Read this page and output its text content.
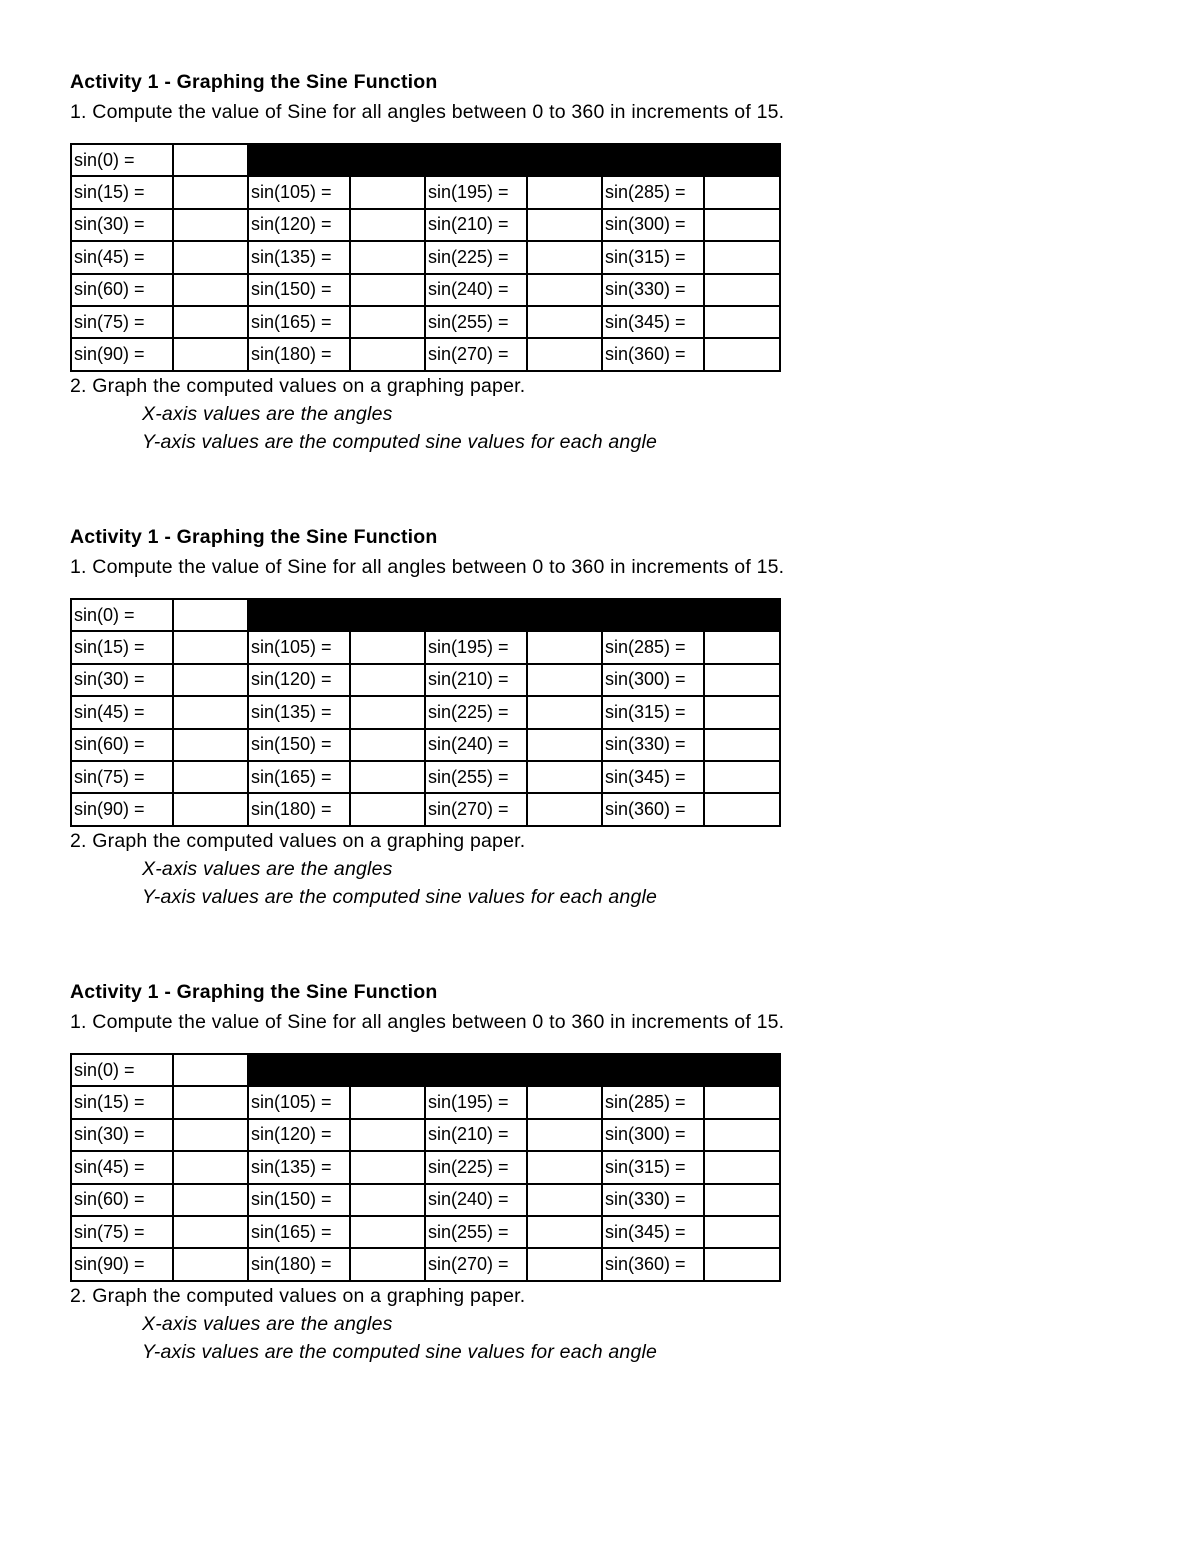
Activity 1 - Graphing the Sine Function

1. Compute the value of Sine for all angles between 0 to 360 in increments of 15.

sin(0) =							
sin(15) =		sin(105) =		sin(195) =		sin(285) =	
sin(30) =		sin(120) =		sin(210) =		sin(300) =	
sin(45) =		sin(135) =		sin(225) =		sin(315) =	
sin(60) =		sin(150) =		sin(240) =		sin(330) =	
sin(75) =		sin(165) =		sin(255) =		sin(345) =	
sin(90) =		sin(180) =		sin(270) =		sin(360) =	

2. Graph the computed values on a graphing paper.

X-axis values are the angles

Y-axis values are the computed sine values for each angle

Activity 1 - Graphing the Sine Function

1. Compute the value of Sine for all angles between 0 to 360 in increments of 15.

sin(0) =							
sin(15) =		sin(105) =		sin(195) =		sin(285) =	
sin(30) =		sin(120) =		sin(210) =		sin(300) =	
sin(45) =		sin(135) =		sin(225) =		sin(315) =	
sin(60) =		sin(150) =		sin(240) =		sin(330) =	
sin(75) =		sin(165) =		sin(255) =		sin(345) =	
sin(90) =		sin(180) =		sin(270) =		sin(360) =	

2. Graph the computed values on a graphing paper.

X-axis values are the angles

Y-axis values are the computed sine values for each angle

Activity 1 - Graphing the Sine Function

1. Compute the value of Sine for all angles between 0 to 360 in increments of 15.

sin(0) =							
sin(15) =		sin(105) =		sin(195) =		sin(285) =	
sin(30) =		sin(120) =		sin(210) =		sin(300) =	
sin(45) =		sin(135) =		sin(225) =		sin(315) =	
sin(60) =		sin(150) =		sin(240) =		sin(330) =	
sin(75) =		sin(165) =		sin(255) =		sin(345) =	
sin(90) =		sin(180) =		sin(270) =		sin(360) =	

2. Graph the computed values on a graphing paper.

X-axis values are the angles

Y-axis values are the computed sine values for each angle
